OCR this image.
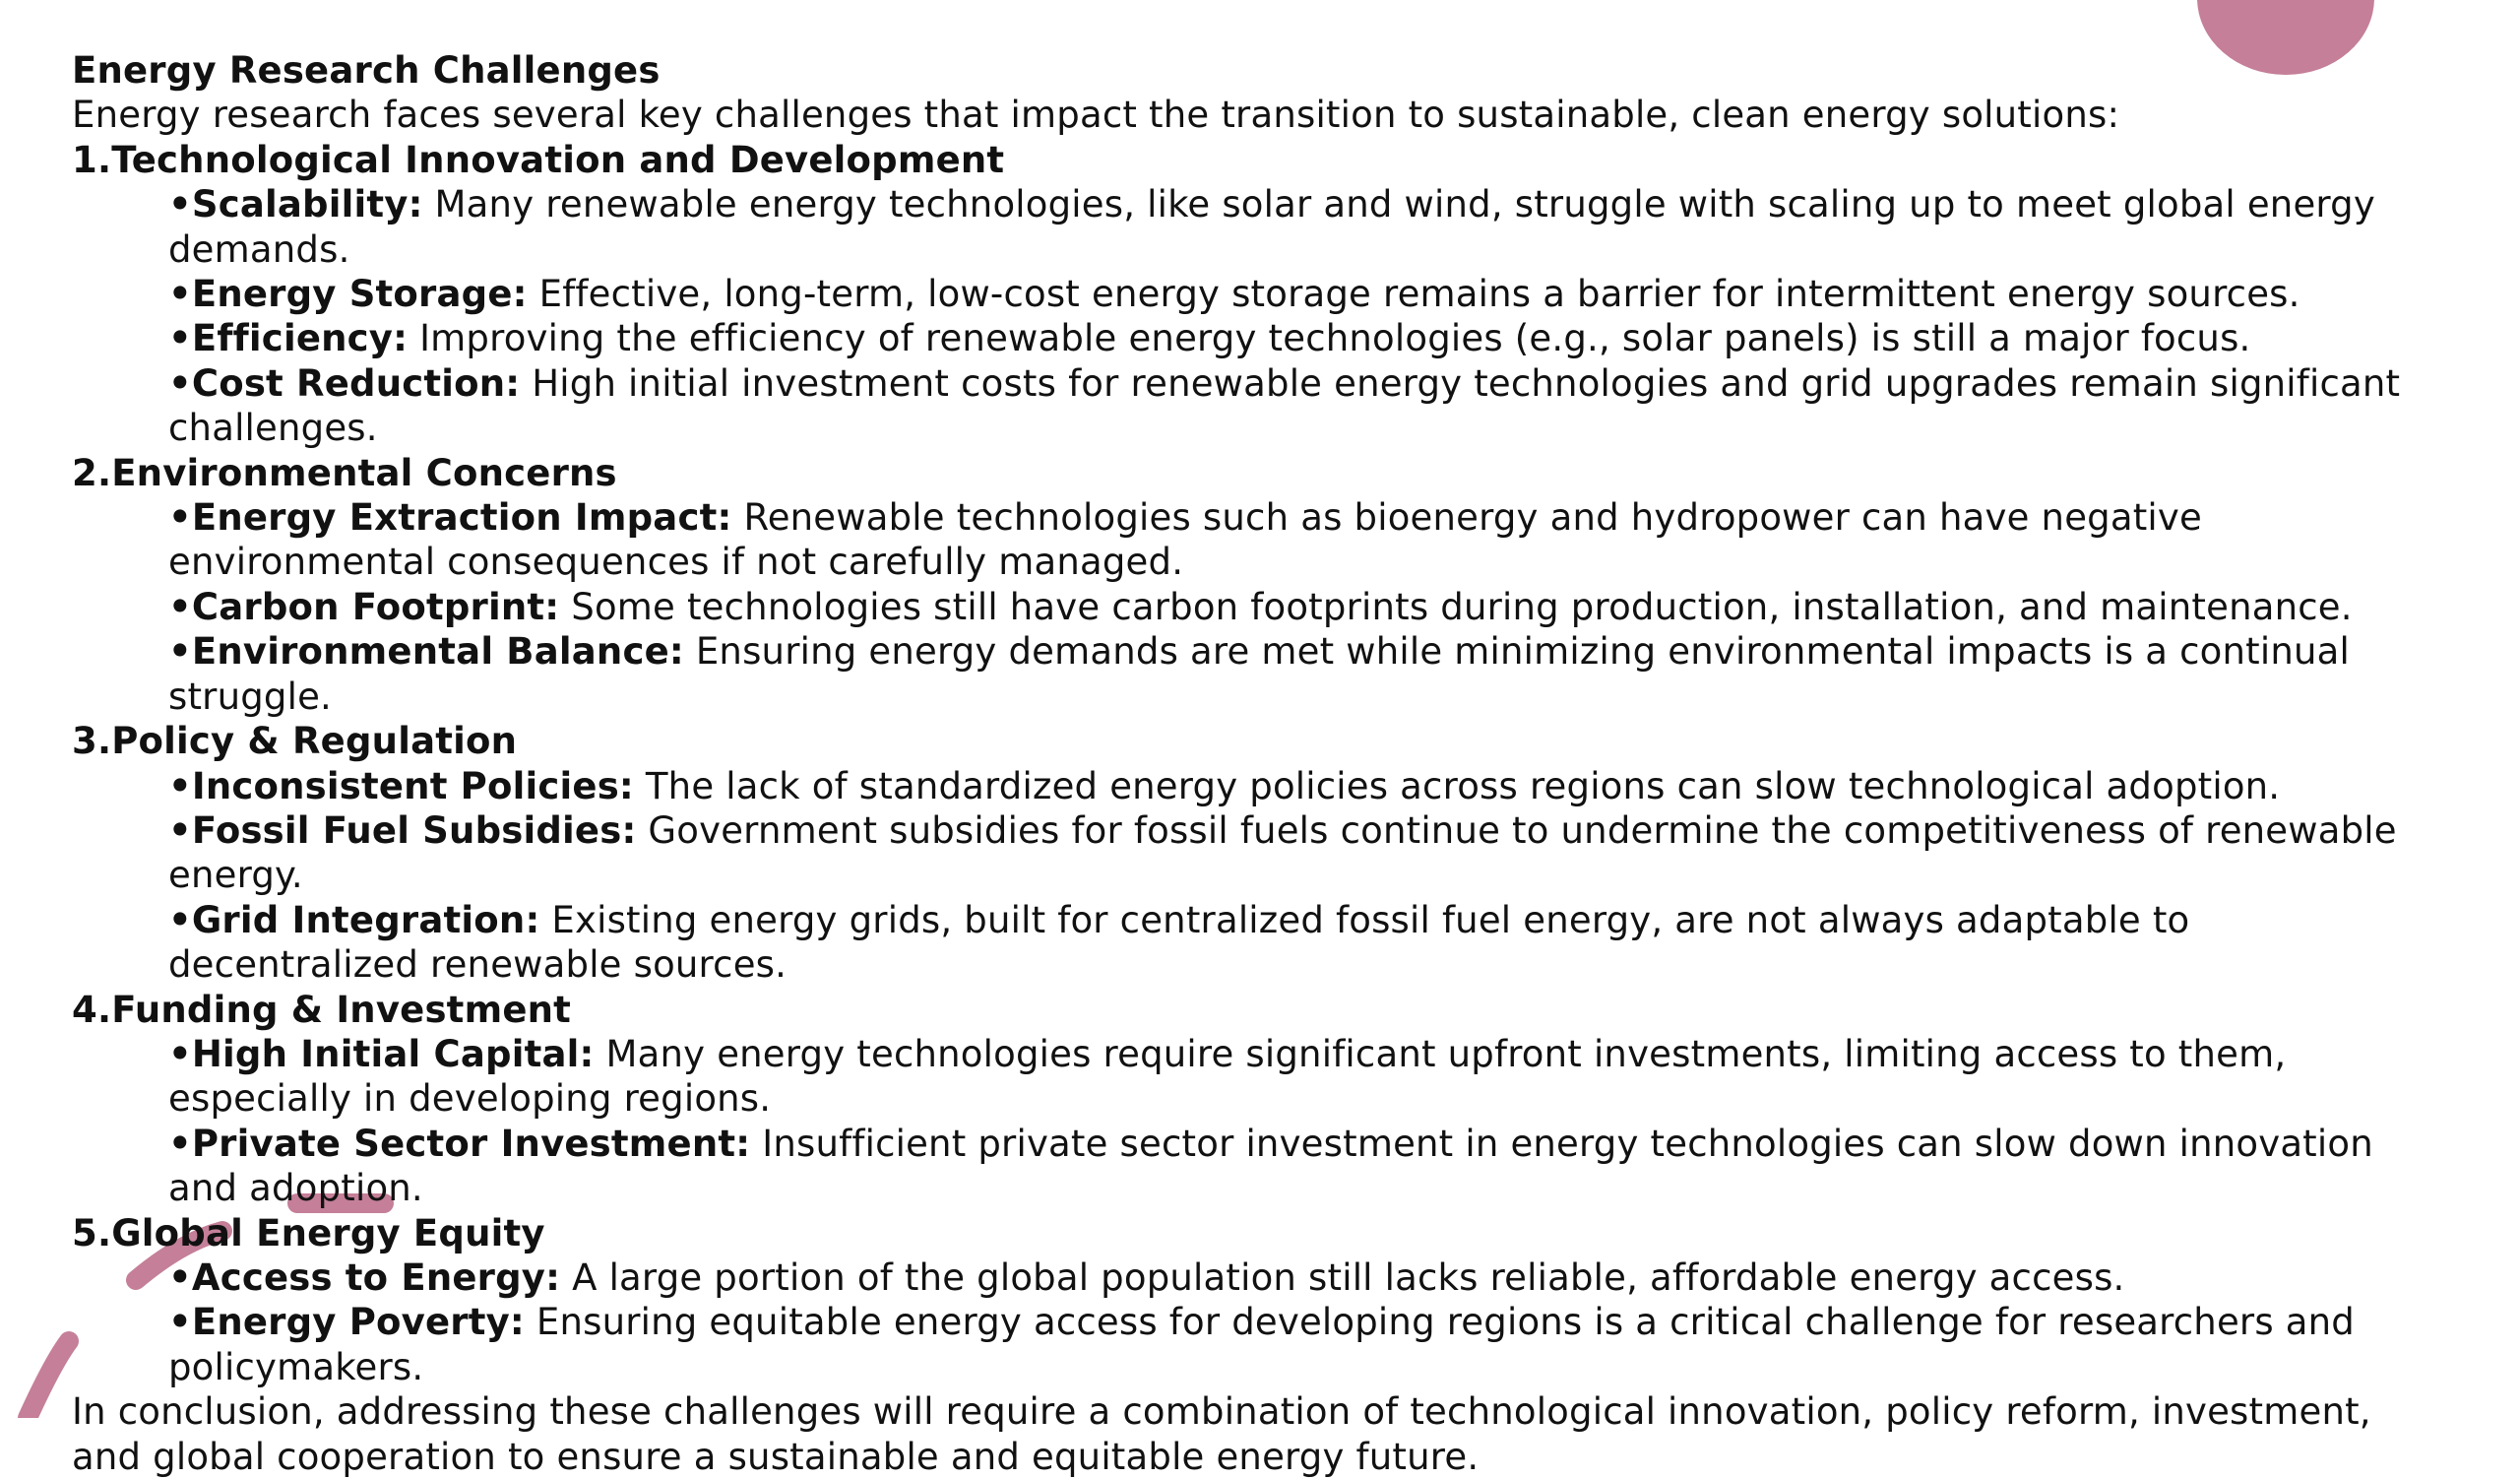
Energy Research Challenges
Energy research faces several key challenges that impact the transition to sustainable, clean energy solutions:
1.Technological Innovation and Development
•Scalability: Many renewable energy technologies, like solar and wind, struggle with scaling up to meet global energy demands.
•Energy Storage: Effective, long-term, low-cost energy storage remains a barrier for intermittent energy sources.
•Efficiency: Improving the efficiency of renewable energy technologies (e.g., solar panels) is still a major focus.
•Cost Reduction: High initial investment costs for renewable energy technologies and grid upgrades remain significant challenges.
2.Environmental Concerns
•Energy Extraction Impact: Renewable technologies such as bioenergy and hydropower can have negative environmental consequences if not carefully managed.
•Carbon Footprint: Some technologies still have carbon footprints during production, installation, and maintenance.
•Environmental Balance: Ensuring energy demands are met while minimizing environmental impacts is a continual struggle.
3.Policy & Regulation
•Inconsistent Policies: The lack of standardized energy policies across regions can slow technological adoption.
•Fossil Fuel Subsidies: Government subsidies for fossil fuels continue to undermine the competitiveness of renewable energy.
•Grid Integration: Existing energy grids, built for centralized fossil fuel energy, are not always adaptable to decentralized renewable sources.
4.Funding & Investment
•High Initial Capital: Many energy technologies require significant upfront investments, limiting access to them, especially in developing regions.
•Private Sector Investment: Insufficient private sector investment in energy technologies can slow down innovation and adoption.
5.Global Energy Equity
•Access to Energy: A large portion of the global population still lacks reliable, affordable energy access.
•Energy Poverty: Ensuring equitable energy access for developing regions is a critical challenge for researchers and policymakers.
In conclusion, addressing these challenges will require a combination of technological innovation, policy reform, investment, and global cooperation to ensure a sustainable and equitable energy future.
